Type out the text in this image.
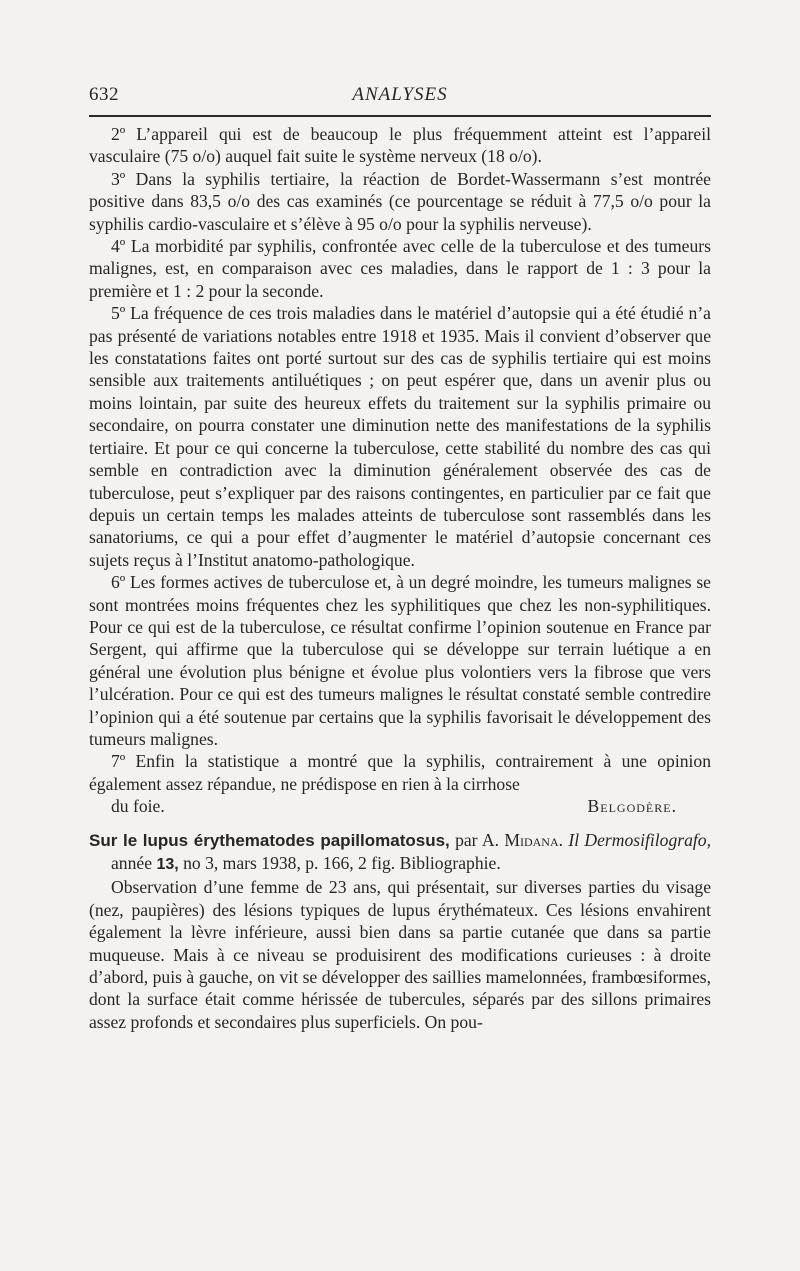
632	ANALYSES

2º L’appareil qui est de beaucoup le plus fréquemment atteint est l’appareil vasculaire (75 o/o) auquel fait suite le système nerveux (18 o/o).

3º Dans la syphilis tertiaire, la réaction de Bordet-Wassermann s’est montrée positive dans 83,5 o/o des cas examinés (ce pourcentage se réduit à 77,5 o/o pour la syphilis cardio-vasculaire et s’élève à 95 o/o pour la syphilis nerveuse).

4º La morbidité par syphilis, confrontée avec celle de la tuberculose et des tumeurs malignes, est, en comparaison avec ces maladies, dans le rapport de 1 : 3 pour la première et 1 : 2 pour la seconde.

5º La fréquence de ces trois maladies dans le matériel d’autopsie qui a été étudié n’a pas présenté de variations notables entre 1918 et 1935. Mais il convient d’observer que les constatations faites ont porté surtout sur des cas de syphilis tertiaire qui est moins sensible aux traitements antiluétiques ; on peut espérer que, dans un avenir plus ou moins lointain, par suite des heureux effets du traitement sur la syphilis primaire ou secondaire, on pourra constater une diminution nette des manifestations de la syphilis tertiaire. Et pour ce qui concerne la tuberculose, cette stabilité du nombre des cas qui semble en contradiction avec la diminution généralement observée des cas de tuberculose, peut s’expliquer par des raisons contingentes, en particulier par ce fait que depuis un certain temps les malades atteints de tuberculose sont rassemblés dans les sanatoriums, ce qui a pour effet d’augmenter le matériel d’autopsie concernant ces sujets reçus à l’Institut anatomo-pathologique.

6º Les formes actives de tuberculose et, à un degré moindre, les tumeurs malignes se sont montrées moins fréquentes chez les syphilitiques que chez les non-syphilitiques. Pour ce qui est de la tuberculose, ce résultat confirme l’opinion soutenue en France par Sergent, qui affirme que la tuberculose qui se développe sur terrain luétique a en général une évolution plus bénigne et évolue plus volontiers vers la fibrose que vers l’ulcération. Pour ce qui est des tumeurs malignes le résultat constaté semble contredire l’opinion qui a été soutenue par certains que la syphilis favorisait le développement des tumeurs malignes.

7º Enfin la statistique a montré que la syphilis, contrairement à une opinion également assez répandue, ne prédispose en rien à la cirrhose

du foie.	Belgodère.

Sur le lupus érythematodes papillomatosus, par A. Midana. Il Dermosifilografo, année 13, no 3, mars 1938, p. 166, 2 fig. Bibliographie.

Observation d’une femme de 23 ans, qui présentait, sur diverses parties du visage (nez, paupières) des lésions typiques de lupus érythémateux. Ces lésions envahirent également la lèvre inférieure, aussi bien dans sa partie cutanée que dans sa partie muqueuse. Mais à ce niveau se produisirent des modifications curieuses : à droite d’abord, puis à gauche, on vit se développer des saillies mamelonnées, frambœsiformes, dont la surface était comme hérissée de tubercules, séparés par des sillons primaires assez profonds et secondaires plus superficiels. On pou-
